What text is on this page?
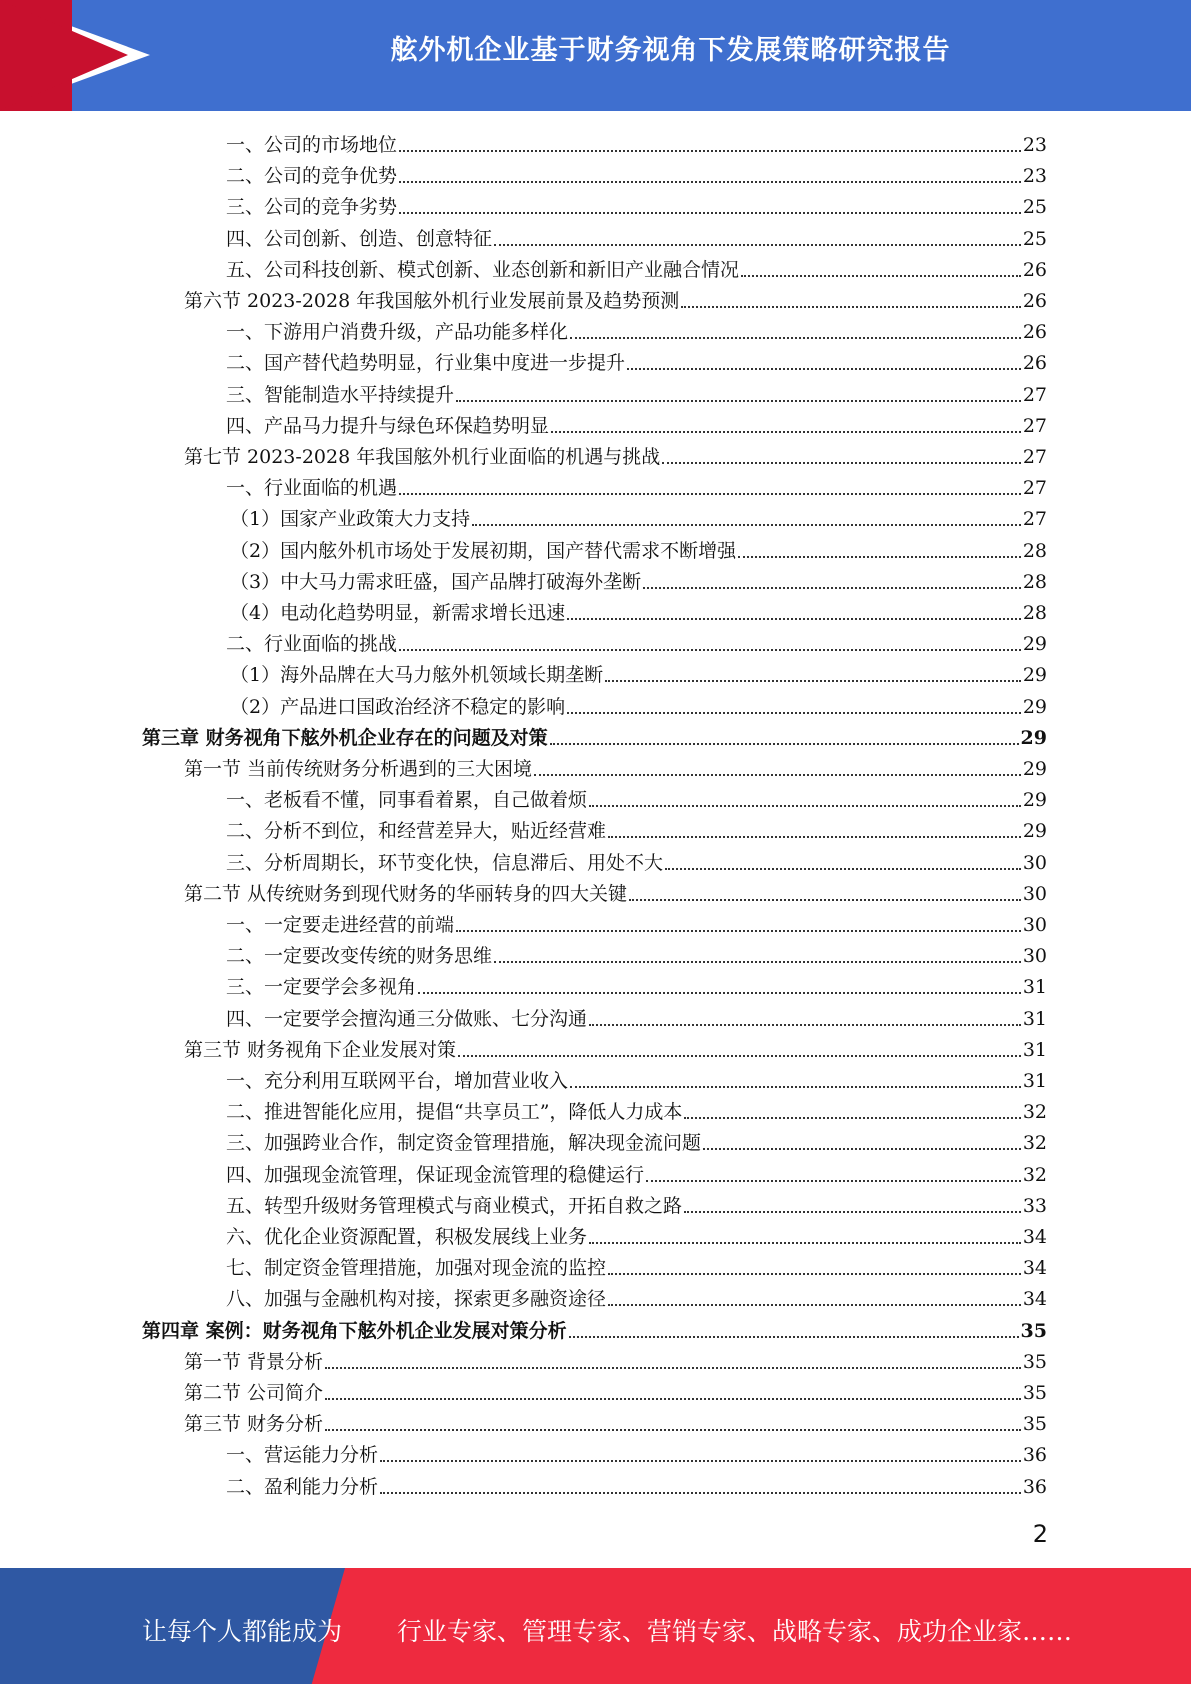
舷外机企业基于财务视角下发展策略研究报告
一、公司的市场地位	23
二、公司的竞争优势	23
三、公司的竞争劣势	25
四、公司创新、创造、创意特征	25
五、公司科技创新、模式创新、业态创新和新旧产业融合情况	26
第六节 2023-2028 年我国舷外机行业发展前景及趋势预测	26
一、下游用户消费升级，产品功能多样化	26
二、国产替代趋势明显，行业集中度进一步提升	26
三、智能制造水平持续提升	27
四、产品马力提升与绿色环保趋势明显	27
第七节 2023-2028 年我国舷外机行业面临的机遇与挑战	27
一、行业面临的机遇	27
（1）国家产业政策大力支持	27
（2）国内舷外机市场处于发展初期，国产替代需求不断增强	28
（3）中大马力需求旺盛，国产品牌打破海外垄断	28
（4）电动化趋势明显，新需求增长迅速	28
二、行业面临的挑战	29
（1）海外品牌在大马力舷外机领域长期垄断	29
（2）产品进口国政治经济不稳定的影响	29
第三章 财务视角下舷外机企业存在的问题及对策	29
第一节 当前传统财务分析遇到的三大困境	29
一、老板看不懂，同事看着累，自己做着烦	29
二、分析不到位，和经营差异大，贴近经营难	29
三、分析周期长，环节变化快，信息滞后、用处不大	30
第二节 从传统财务到现代财务的华丽转身的四大关键	30
一、一定要走进经营的前端	30
二、一定要改变传统的财务思维	30
三、一定要学会多视角	31
四、一定要学会擅沟通三分做账、七分沟通	31
第三节 财务视角下企业发展对策	31
一、充分利用互联网平台，增加营业收入	31
二、推进智能化应用，提倡“共享员工”，降低人力成本	32
三、加强跨业合作，制定资金管理措施，解决现金流问题	32
四、加强现金流管理，保证现金流管理的稳健运行	32
五、转型升级财务管理模式与商业模式，开拓自救之路	33
六、优化企业资源配置，积极发展线上业务	34
七、制定资金管理措施，加强对现金流的监控	34
八、加强与金融机构对接，探索更多融资途径	34
第四章 案例：财务视角下舷外机企业发展对策分析	35
第一节 背景分析	35
第二节 公司简介	35
第三节 财务分析	35
一、营运能力分析	36
二、盈利能力分析	36
2
让每个人都能成为 行业专家、管理专家、营销专家、战略专家、成功企业家……
